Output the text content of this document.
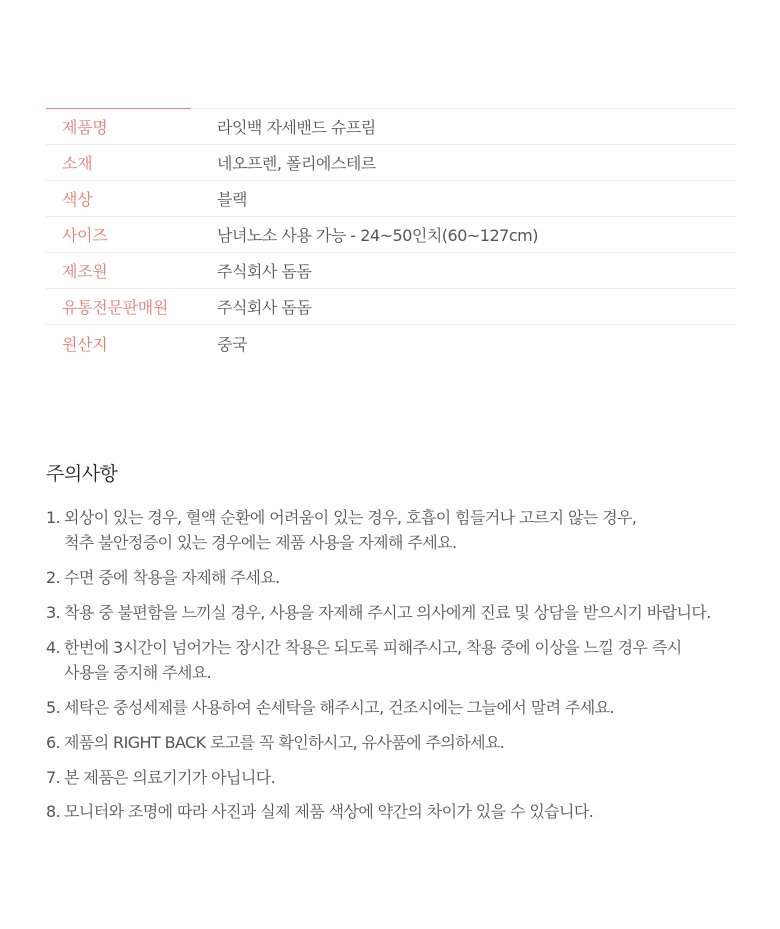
제품명	라잇백 자세밴드 슈프림
소재	네오프렌, 폴리에스테르
색상	블랙
사이즈	남녀노소 사용 가능 - 24~50인치(60~127cm)
제조원	주식회사 돔돔
유통전문판매원	주식회사 돔돔
원산지	중국
주의사항
1. 외상이 있는 경우, 혈액 순환에 어려움이 있는 경우, 호흡이 힘들거나 고르지 않는 경우,
척추 불안정증이 있는 경우에는 제품 사용을 자제해 주세요.
2. 수면 중에 착용을 자제해 주세요.
3. 착용 중 불편함을 느끼실 경우, 사용을 자제해 주시고 의사에게 진료 및 상담을 받으시기 바랍니다.
4. 한번에 3시간이 넘어가는 장시간 착용은 되도록 피해주시고, 착용 중에 이상을 느낄 경우 즉시
사용을 중지해 주세요.
5. 세탁은 중성세제를 사용하여 손세탁을 해주시고, 건조시에는 그늘에서 말려 주세요.
6. 제품의 RIGHT BACK 로고를 꼭 확인하시고, 유사품에 주의하세요.
7. 본 제품은 의료기기가 아닙니다.
8. 모니터와 조명에 따라 사진과 실제 제품 색상에 약간의 차이가 있을 수 있습니다.
